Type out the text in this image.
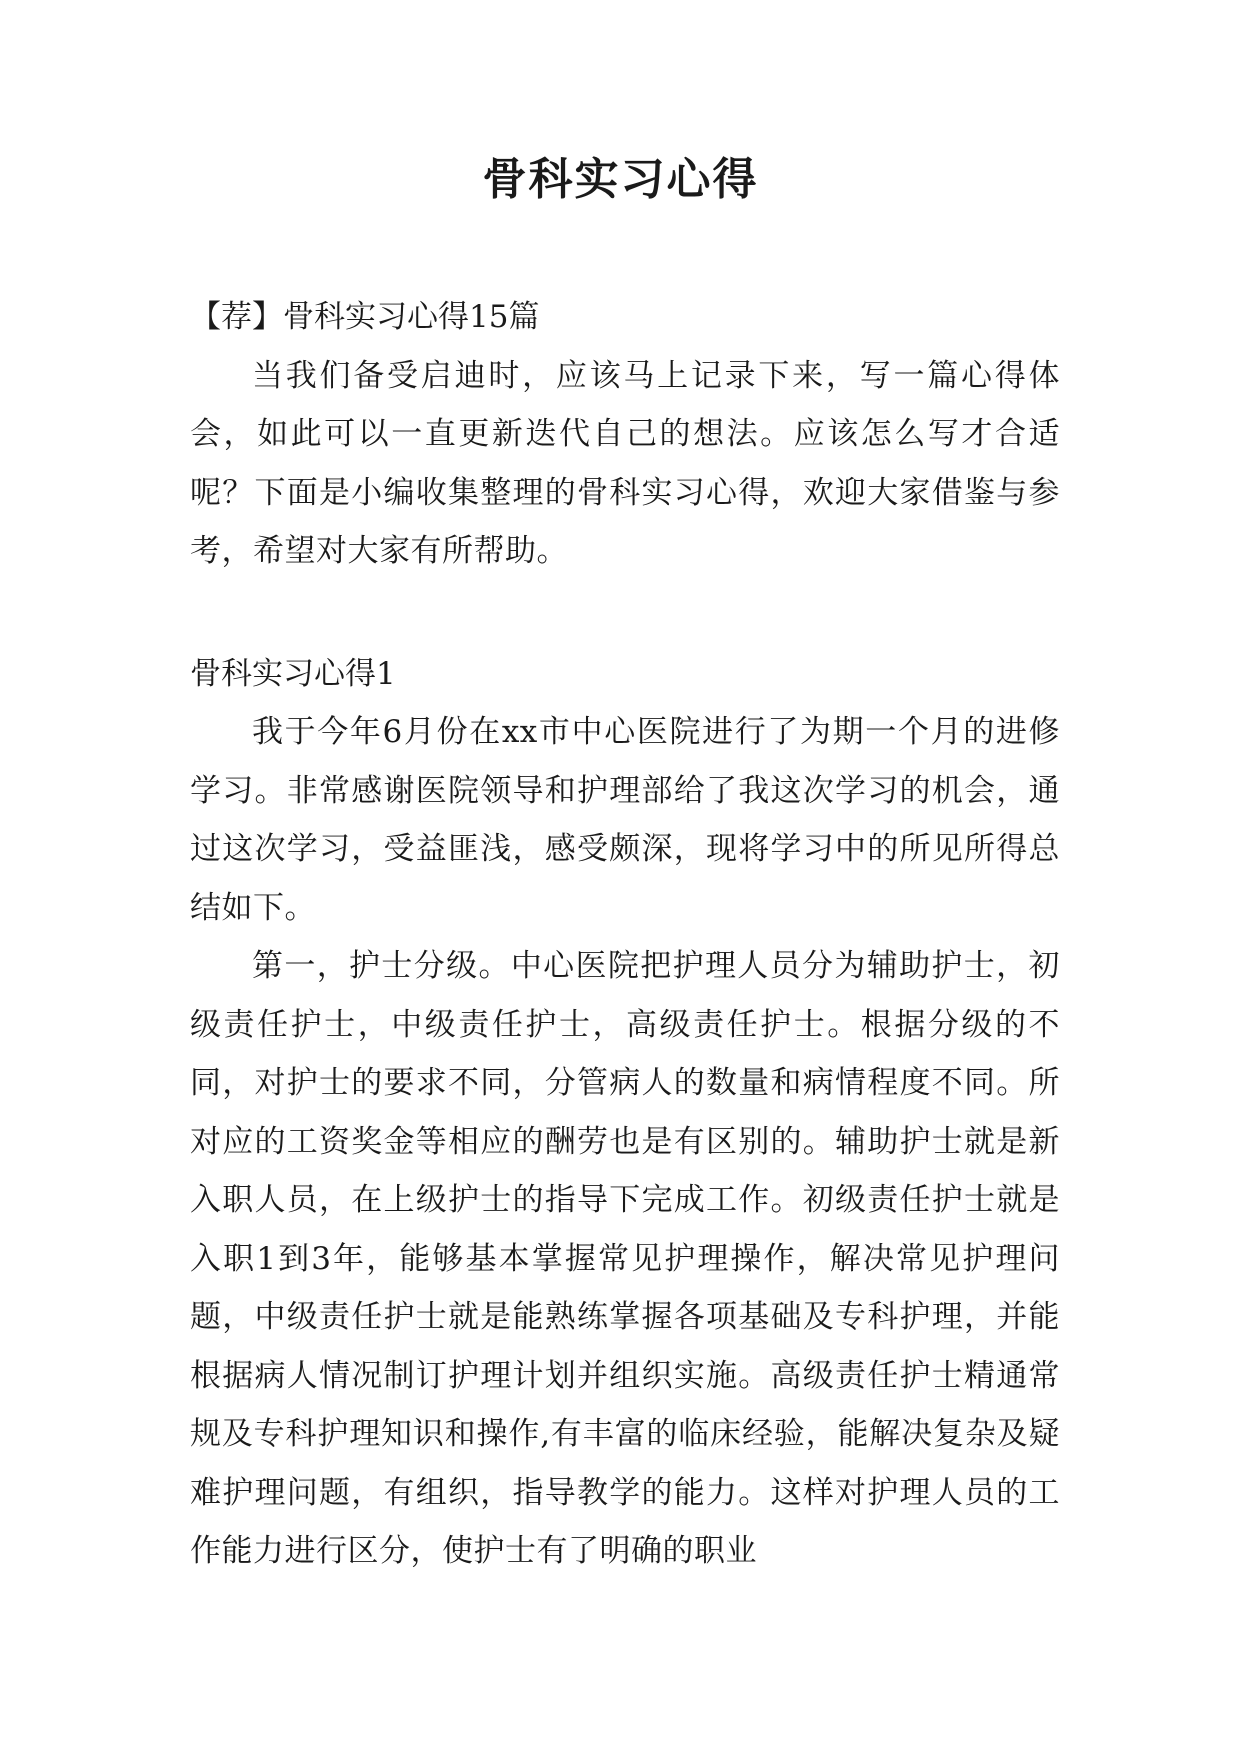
骨科实习心得

【荐】骨科实习心得15篇

当我们备受启迪时，应该马上记录下来，写一篇心得体会，如此可以一直更新迭代自己的想法。应该怎么写才合适呢？下面是小编收集整理的骨科实习心得，欢迎大家借鉴与参考，希望对大家有所帮助。

骨科实习心得1

我于今年6月份在xx市中心医院进行了为期一个月的进修学习。非常感谢医院领导和护理部给了我这次学习的机会，通过这次学习，受益匪浅，感受颇深，现将学习中的所见所得总结如下。

第一，护士分级。中心医院把护理人员分为辅助护士，初级责任护士，中级责任护士，高级责任护士。根据分级的不同，对护士的要求不同，分管病人的数量和病情程度不同。所对应的工资奖金等相应的酬劳也是有区别的。辅助护士就是新入职人员，在上级护士的指导下完成工作。初级责任护士就是入职1到3年，能够基本掌握常见护理操作，解决常见护理问题，中级责任护士就是能熟练掌握各项基础及专科护理，并能根据病人情况制订护理计划并组织实施。高级责任护士精通常规及专科护理知识和操作,有丰富的临床经验，能解决复杂及疑难护理问题，有组织，指导教学的能力。这样对护理人员的工作能力进行区分，使护士有了明确的职业
